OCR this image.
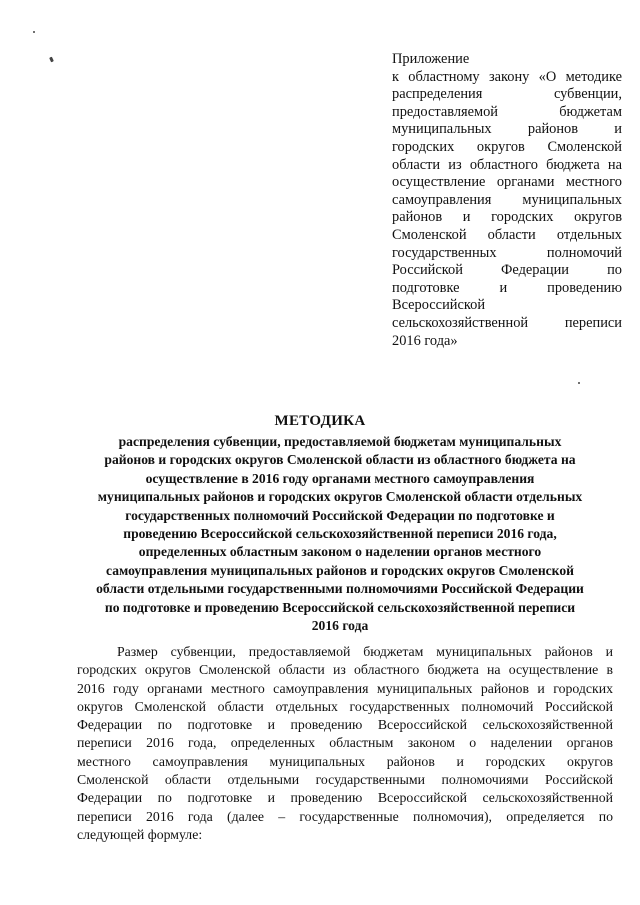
Приложение
к областному закону «О методике
распределения субвенции,
предоставляемой бюджетам
муниципальных районов и
городских округов Смоленской
области из областного бюджета на
осуществление органами местного
самоуправления муниципальных
районов и городских округов
Смоленской области отдельных
государственных полномочий
Российской Федерации по
подготовке и проведению
Всероссийской
сельскохозяйственной переписи
2016 года»
МЕТОДИКА
распределения субвенции, предоставляемой бюджетам муниципальных
районов и городских округов Смоленской области из областного бюджета на
осуществление в 2016 году органами местного самоуправления
муниципальных районов и городских округов Смоленской области отдельных
государственных полномочий Российской Федерации по подготовке и
проведению Всероссийской сельскохозяйственной переписи 2016 года,
определенных областным законом о наделении органов местного
самоуправления муниципальных районов и городских округов Смоленской
области отдельными государственными полномочиями Российской Федерации
по подготовке и проведению Всероссийской сельскохозяйственной переписи
2016 года
Размер субвенции, предоставляемой бюджетам муниципальных районов и
городских округов Смоленской области из областного бюджета на осуществление в
2016 году органами местного самоуправления муниципальных районов и городских
округов Смоленской области отдельных государственных полномочий Российской
Федерации по подготовке и проведению Всероссийской сельскохозяйственной
переписи 2016 года, определенных областным законом о наделении органов
местного самоуправления муниципальных районов и городских округов
Смоленской области отдельными государственными полномочиями Российской
Федерации по подготовке и проведению Всероссийской сельскохозяйственной
переписи 2016 года (далее – государственные полномочия), определяется по
следующей формуле:
